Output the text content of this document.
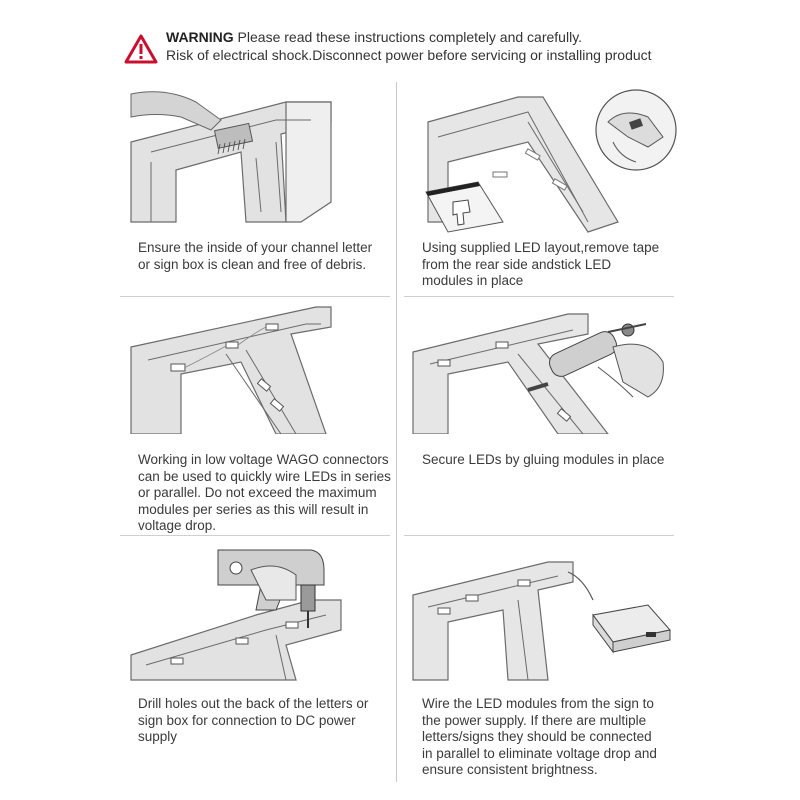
WARNING Please read these instructions completely and carefully.
Risk of electrical shock.Disconnect power before servicing or installing product
Ensure the inside of your channel letter
or sign box is clean and free of debris.
Using supplied LED layout,remove tape
from the rear side andstick LED
modules in place
Working in low voltage WAGO connectors
can be used to quickly wire LEDs in series
or parallel. Do not exceed the maximum
modules per series as this will result in
voltage drop.
Secure LEDs by gluing modules in place
Drill holes out the back of the letters or
sign box for connection to DC power
supply
Wire the LED modules from the sign to
the power supply. If there are multiple
letters/signs they should be connected
in parallel to eliminate voltage drop and
ensure consistent brightness.
